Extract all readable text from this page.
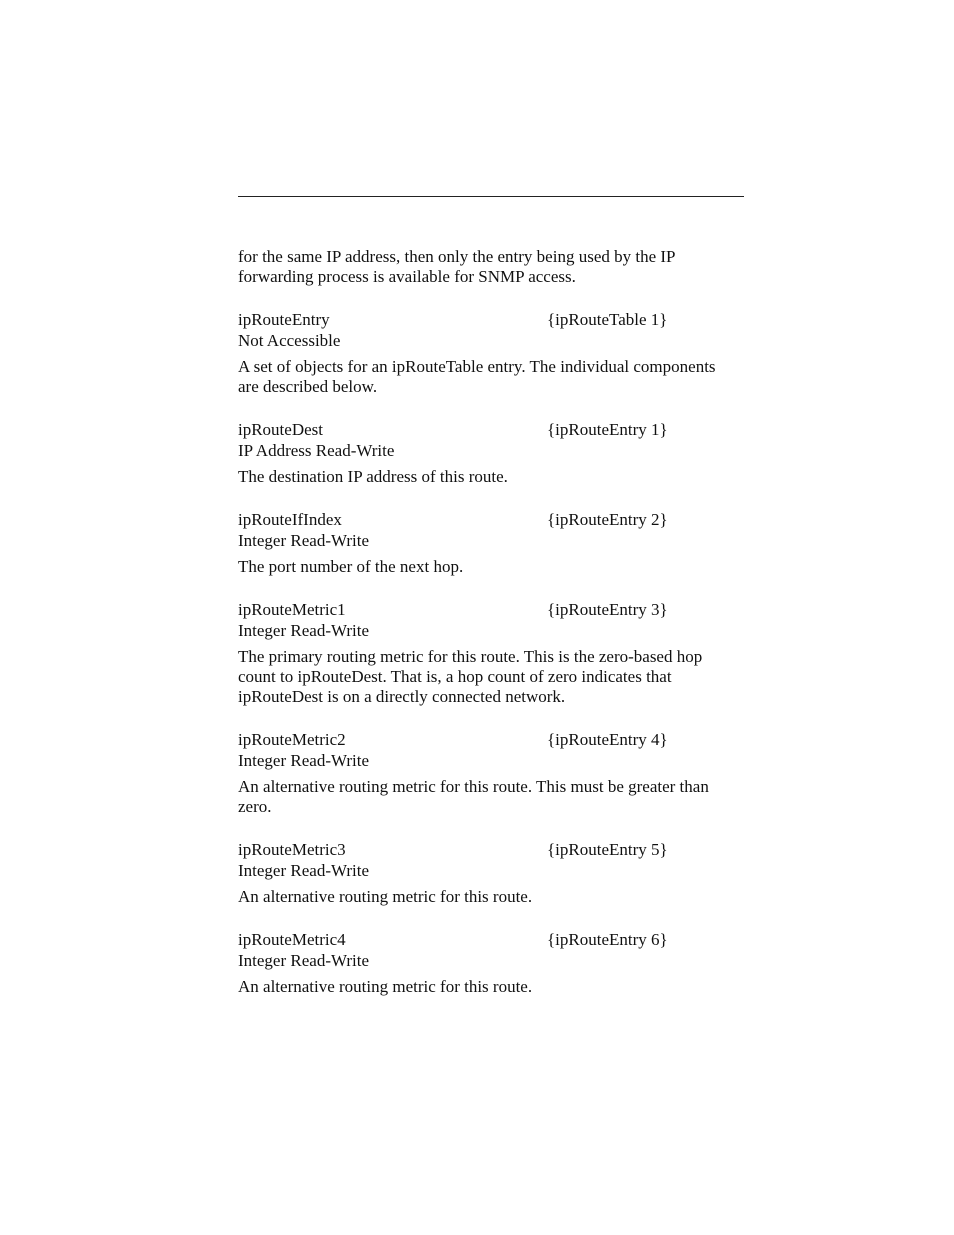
for the same IP address, then only the entry being used by the IP forwarding process is available for SNMP access.

ipRouteEntry	{ipRouteTable 1}

Not Accessible

A set of objects for an ipRouteTable entry. The individual components are described below.

ipRouteDest	{ipRouteEntry 1}

IP Address Read-Write

The destination IP address of this route.

ipRouteIfIndex	{ipRouteEntry 2}

Integer Read-Write

The port number of the next hop.

ipRouteMetric1	{ipRouteEntry 3}

Integer Read-Write

The primary routing metric for this route. This is the zero-based hop count to ipRouteDest. That is, a hop count of zero indicates that ipRouteDest is on a directly connected network.

ipRouteMetric2	{ipRouteEntry 4}

Integer Read-Write

An alternative routing metric for this route. This must be greater than zero.

ipRouteMetric3	{ipRouteEntry 5}

Integer Read-Write

An alternative routing metric for this route.

ipRouteMetric4	{ipRouteEntry 6}

Integer Read-Write

An alternative routing metric for this route.
